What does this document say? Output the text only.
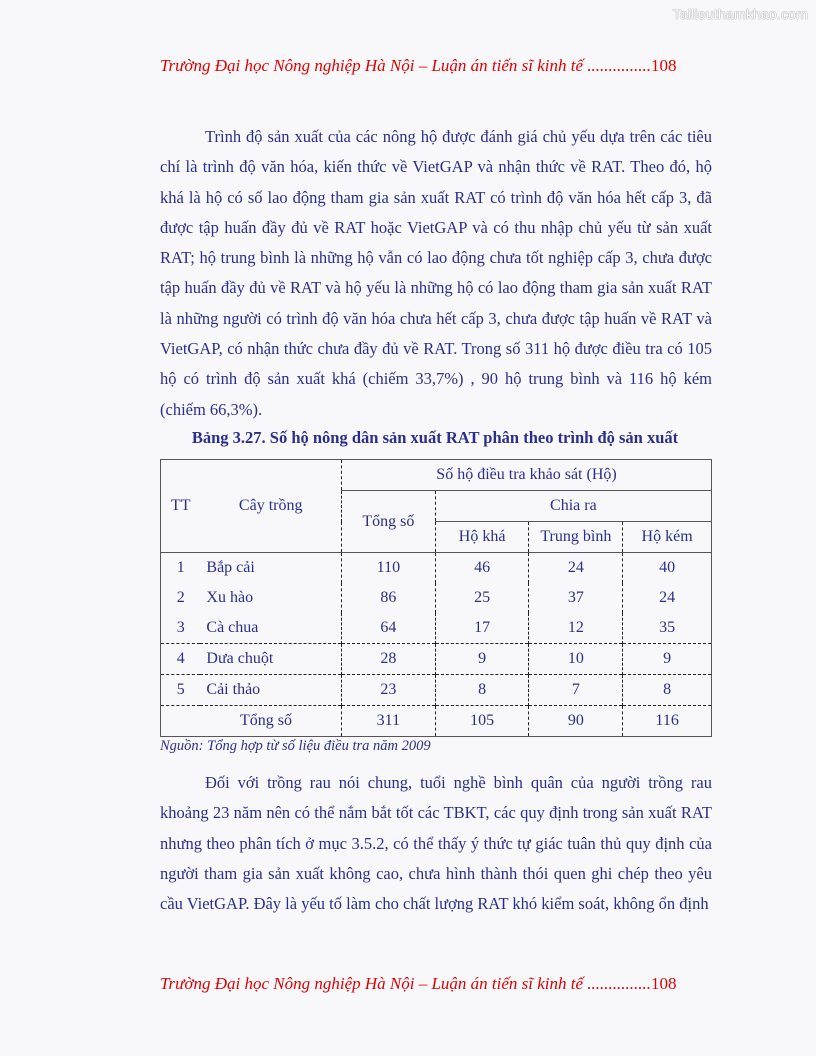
Tailieuthamkhao.com
Trường Đại học Nông nghiệp Hà Nội – Luận án tiến sĩ kinh tế ...............108

Trình độ sản xuất của các nông hộ được đánh giá chủ yếu dựa trên các tiêu chí là trình độ văn hóa, kiến thức về VietGAP và nhận thức về RAT. Theo đó, hộ khá là hộ có số lao động tham gia sản xuất RAT có trình độ văn hóa hết cấp 3, đã được tập huấn đầy đủ về RAT hoặc VietGAP và có thu nhập chủ yếu từ sản xuất RAT; hộ trung bình là những hộ vẫn có lao động chưa tốt nghiệp cấp 3, chưa được tập huấn đầy đủ về RAT và hộ yếu là những hộ có lao động tham gia sản xuất RAT là những người có trình độ văn hóa chưa hết cấp 3, chưa được tập huấn về RAT và VietGAP, có nhận thức chưa đầy đủ về RAT. Trong số 311 hộ được điều tra có 105 hộ có trình độ sản xuất khá (chiếm 33,7%) , 90 hộ trung bình và 116 hộ kém (chiếm 66,3%).

Bảng 3.27. Số hộ nông dân sản xuất RAT phân theo trình độ sản xuất
TT	Cây trồng	Số hộ điều tra khảo sát (Hộ)			
		Tổng số	Chia ra		
			Hộ khá	Trung bình	Hộ kém
1	Bắp cải	110	46	24	40
2	Xu hào	86	25	37	24
3	Cà chua	64	17	12	35
4	Dưa chuột	28	9	10	9
5	Cải thảo	23	8	7	8
Tổng số		311	105	90	116
Nguồn: Tổng hợp từ số liệu điều tra năm 2009

Đối với trồng rau nói chung, tuổi nghề bình quân của người trồng rau khoảng 23 năm nên có thể nắm bắt tốt các TBKT, các quy định trong sản xuất RAT nhưng theo phân tích ở mục 3.5.2, có thể thấy ý thức tự giác tuân thủ quy định của người tham gia sản xuất không cao, chưa hình thành thói quen ghi chép theo yêu cầu VietGAP. Đây là yếu tố làm cho chất lượng RAT khó kiểm soát, không ổn định

Trường Đại học Nông nghiệp Hà Nội – Luận án tiến sĩ kinh tế ...............108
